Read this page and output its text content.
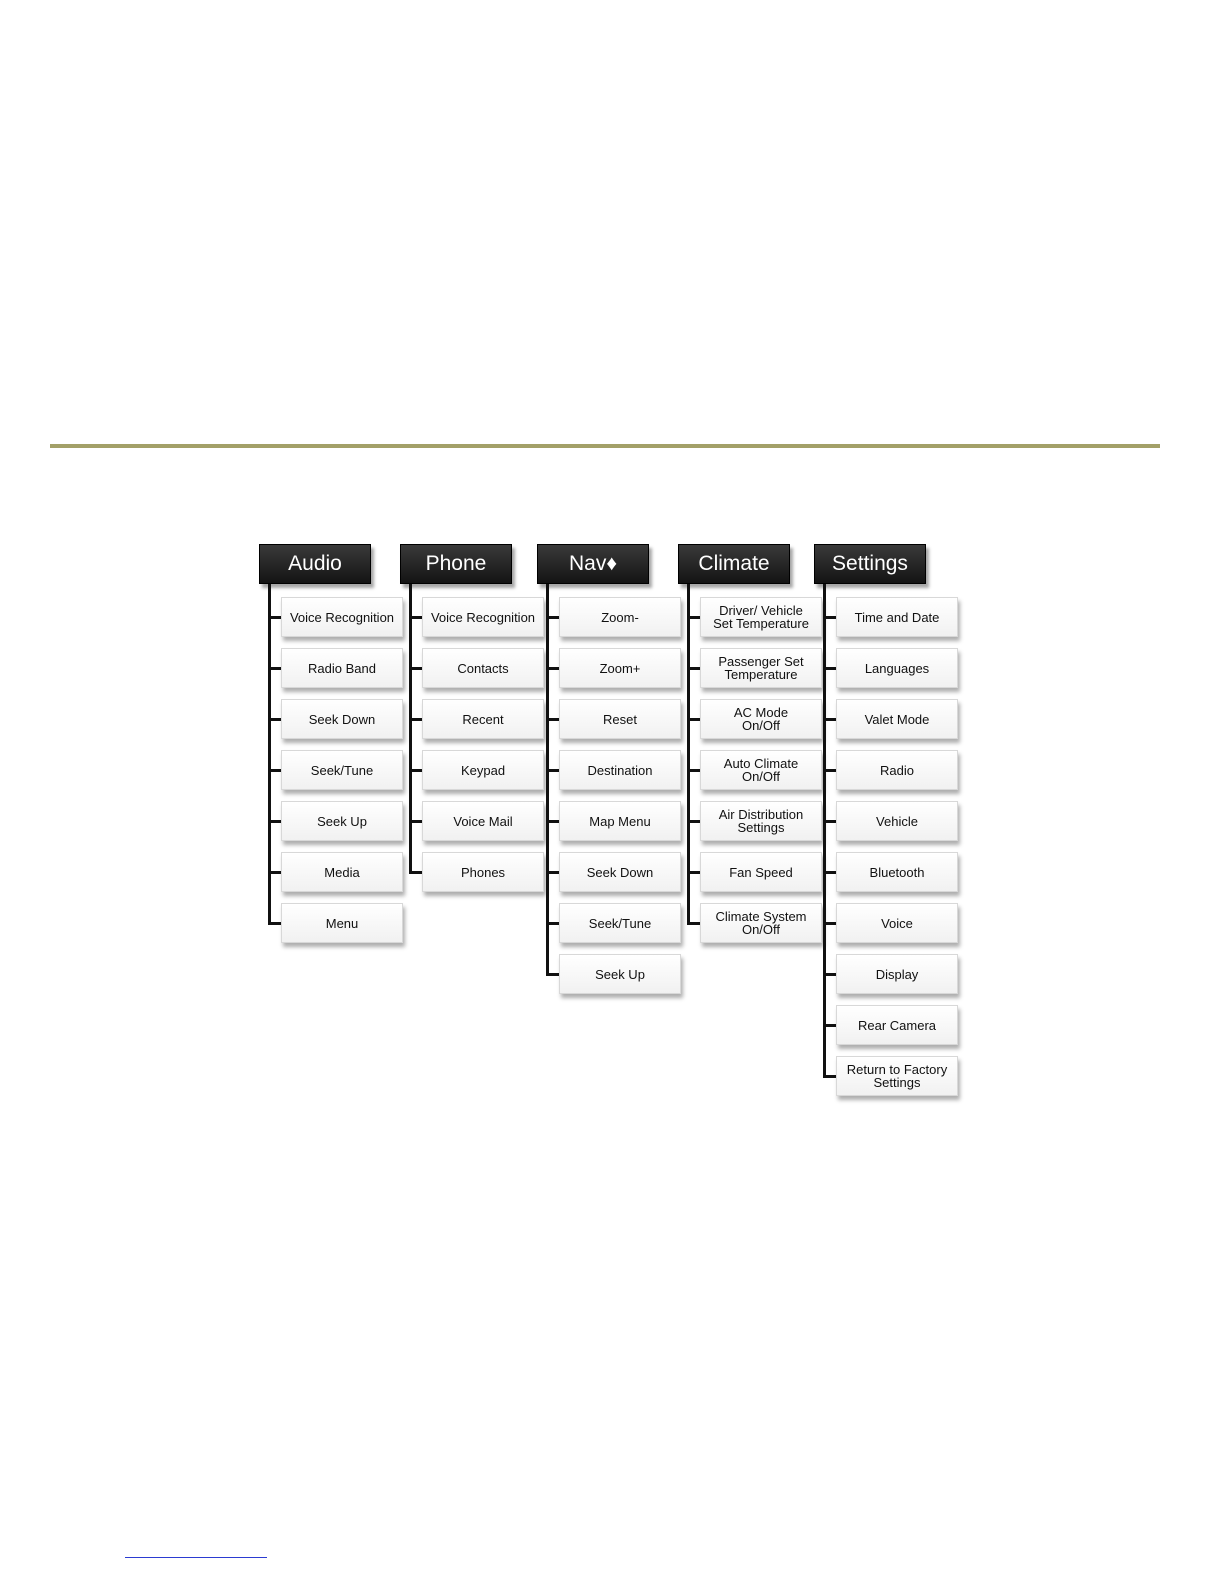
Audio
Voice Recognition
Radio Band
Seek Down
Seek/Tune
Seek Up
Media
Menu
Phone
Voice Recognition
Contacts
Recent
Keypad
Voice Mail
Phones
Nav♦
Zoom-
Zoom+
Reset
Destination
Map Menu
Seek Down
Seek/Tune
Seek Up
Climate
Driver/ Vehicle
Set Temperature
Passenger Set
Temperature
AC Mode
On/Off
Auto Climate
On/Off
Air Distribution
Settings
Fan Speed
Climate System
On/Off
Settings
Time and Date
Languages
Valet Mode
Radio
Vehicle
Bluetooth
Voice
Display
Rear Camera
Return to Factory
Settings
